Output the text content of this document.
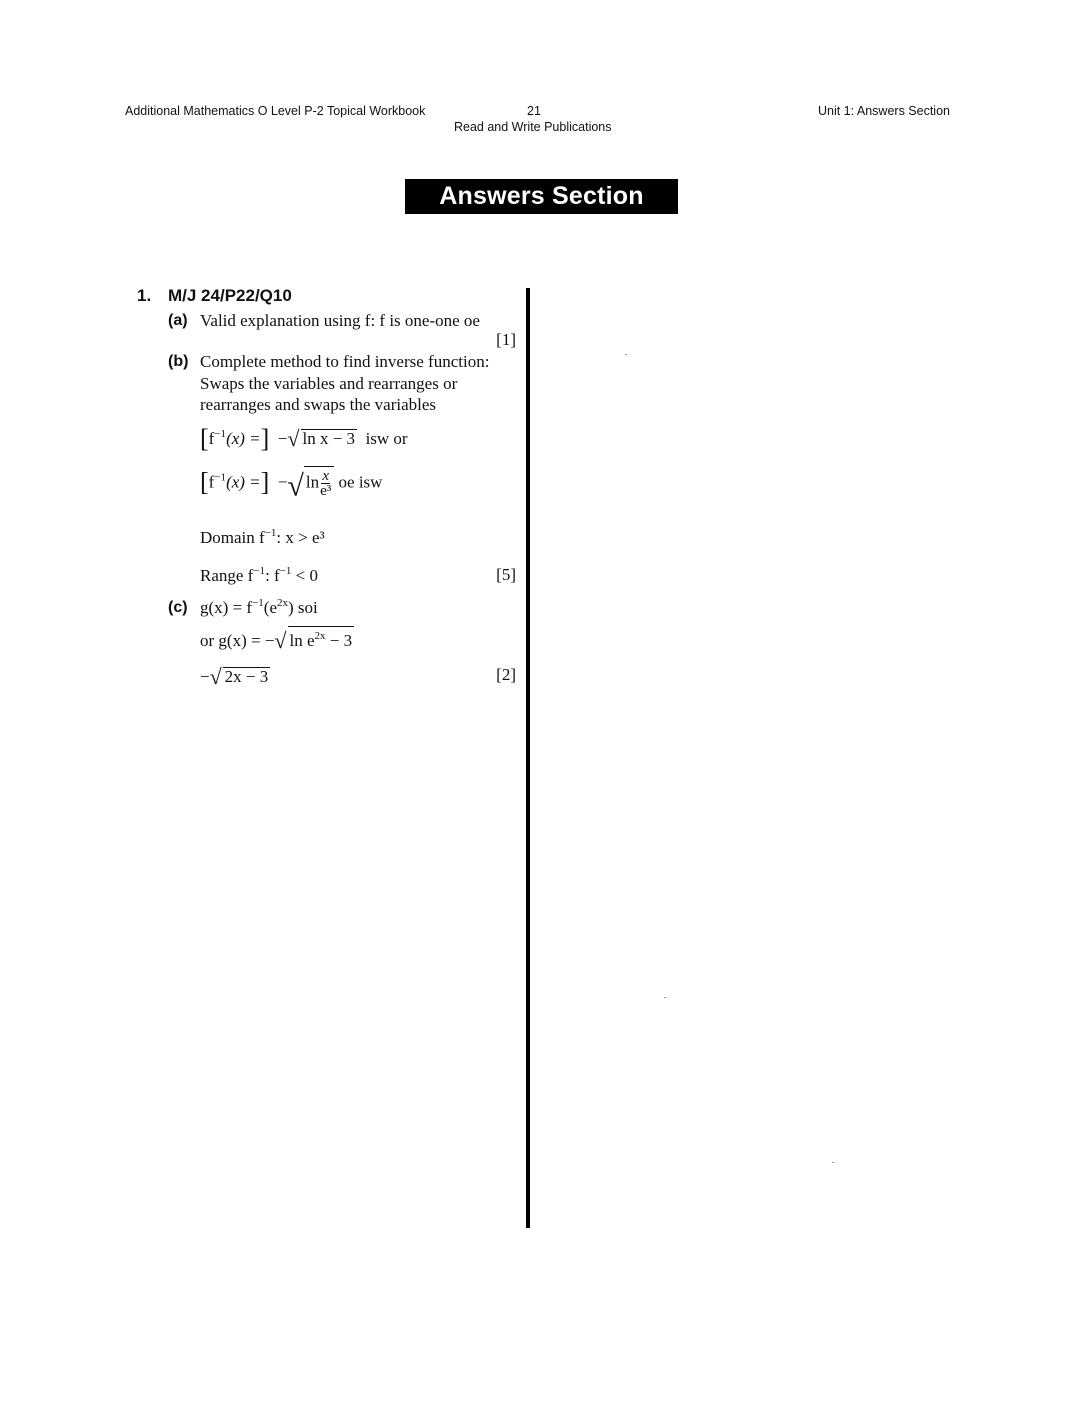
Additional Mathematics O Level P-2 Topical Workbook	21
Read and Write Publications
Unit 1: Answers Section
Answers Section
1. M/J 24/P22/Q10
(a) Valid explanation using f: f is one-one oe
[1]
(b) Complete method to find inverse function:
Swaps the variables and rearranges or
rearranges and swaps the variables
[$f^{-1}(x)$ =]  −√ ln x − 3 isw or
[$f^{-1}(x)$ =]  −√ $\ln \frac{x}{\text{e³}}$ oe isw
Domain $f^{-1}$: x > e³
Range $f^{-1}$: $f^{-1} < 0$	[5]
(c) $g(x) = f^{-1}(e^{2x})$ soi
or g(x) = −√ $\ln e^{2x} - 3$
−√ 2x − 3	[2]
